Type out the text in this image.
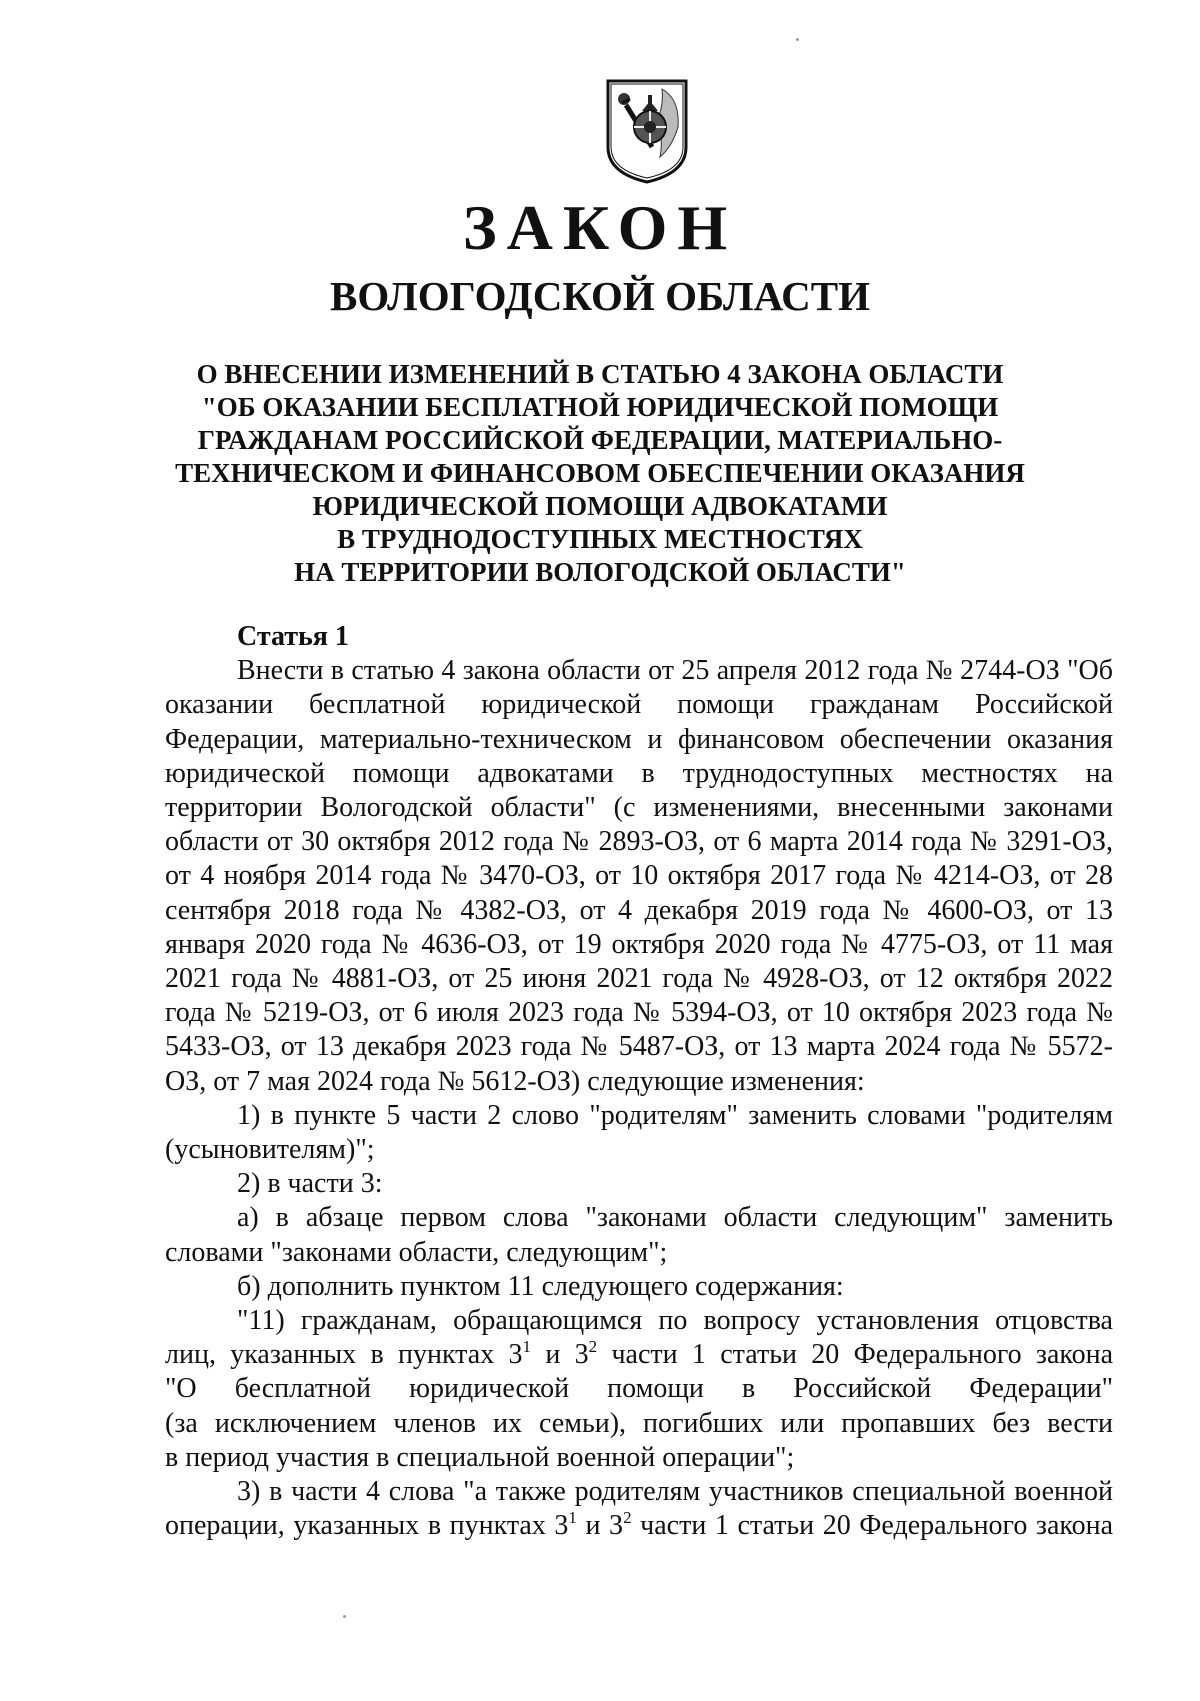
ЗАКОН
ВОЛОГОДСКОЙ ОБЛАСТИ
О ВНЕСЕНИИ ИЗМЕНЕНИЙ В СТАТЬЮ 4 ЗАКОНА ОБЛАСТИ
"ОБ ОКАЗАНИИ БЕСПЛАТНОЙ ЮРИДИЧЕСКОЙ ПОМОЩИ
ГРАЖДАНАМ РОССИЙСКОЙ ФЕДЕРАЦИИ, МАТЕРИАЛЬНО-
ТЕХНИЧЕСКОМ И ФИНАНСОВОМ ОБЕСПЕЧЕНИИ ОКАЗАНИЯ
ЮРИДИЧЕСКОЙ ПОМОЩИ АДВОКАТАМИ
В ТРУДНОДОСТУПНЫХ МЕСТНОСТЯХ
НА ТЕРРИТОРИИ ВОЛОГОДСКОЙ ОБЛАСТИ"
Статья 1
Внести в статью 4 закона области от 25 апреля 2012 года № 2744-ОЗ "Об оказании бесплатной юридической помощи гражданам Российской Федерации, материально-техническом и финансовом обеспечении оказания юридической помощи адвокатами в труднодоступных местностях на территории Вологодской области" (с изменениями, внесенными законами области от 30 октября 2012 года № 2893-ОЗ, от 6 марта 2014 года № 3291-ОЗ, от 4 ноября 2014 года № 3470-ОЗ, от 10 октября 2017 года № 4214-ОЗ, от 28 сентября 2018 года № 4382-ОЗ, от 4 декабря 2019 года № 4600-ОЗ, от 13 января 2020 года № 4636-ОЗ, от 19 октября 2020 года № 4775-ОЗ, от 11 мая 2021 года № 4881-ОЗ, от 25 июня 2021 года № 4928-ОЗ, от 12 октября 2022 года № 5219-ОЗ, от 6 июля 2023 года № 5394-ОЗ, от 10 октября 2023 года № 5433-ОЗ, от 13 декабря 2023 года № 5487-ОЗ, от 13 марта 2024 года № 5572-ОЗ, от 7 мая 2024 года № 5612-ОЗ) следующие изменения:
1) в пункте 5 части 2 слово "родителям" заменить словами "родителям (усыновителям)";
2) в части 3:
а) в абзаце первом слова "законами области следующим" заменить словами "законами области, следующим";
б) дополнить пунктом 11 следующего содержания:
"11) гражданам, обращающимся по вопросу установления отцовства
лиц, указанных в пунктах $3^1$ и $3^2$ части 1 статьи 20 Федерального закона
"О бесплатной юридической помощи в Российской Федерации"
(за исключением членов их семьи), погибших или пропавших без вести
в период участия в специальной военной операции";
3) в части 4 слова "а также родителям участников специальной военной
операции, указанных в пунктах $3^1$ и $3^2$ части 1 статьи 20 Федерального закона
